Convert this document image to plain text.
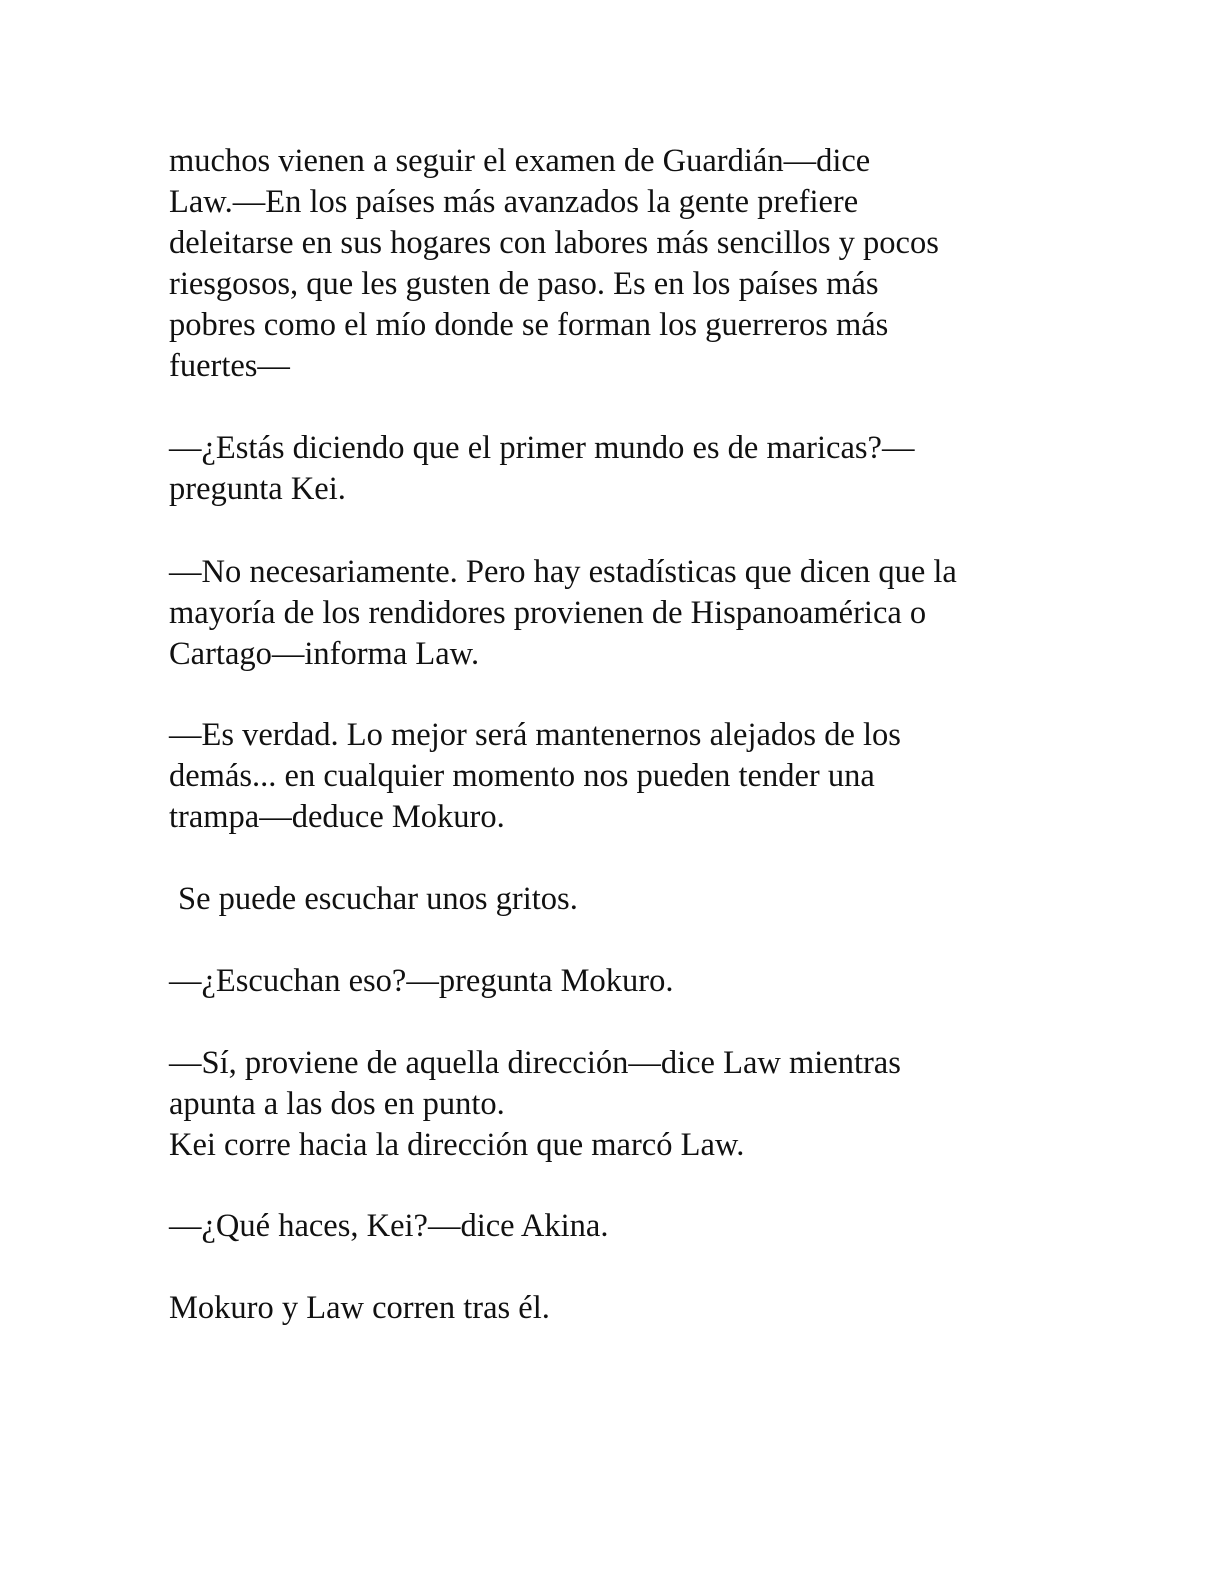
muchos vienen a seguir el examen de Guardián—dice
Law.—En los países más avanzados la gente prefiere
deleitarse en sus hogares con labores más sencillos y pocos
riesgosos, que les gusten de paso. Es en los países más
pobres como el mío donde se forman los guerreros más
fuertes—

—¿Estás diciendo que el primer mundo es de maricas?—
pregunta Kei.

—No necesariamente. Pero hay estadísticas que dicen que la
mayoría de los rendidores provienen de Hispanoamérica o
Cartago—informa Law.

—Es verdad. Lo mejor será mantenernos alejados de los
demás... en cualquier momento nos pueden tender una
trampa—deduce Mokuro.

Se puede escuchar unos gritos.

—¿Escuchan eso?—pregunta Mokuro.

—Sí, proviene de aquella dirección—dice Law mientras
apunta a las dos en punto.
Kei corre hacia la dirección que marcó Law.

—¿Qué haces, Kei?—dice Akina.

Mokuro y Law corren tras él.
